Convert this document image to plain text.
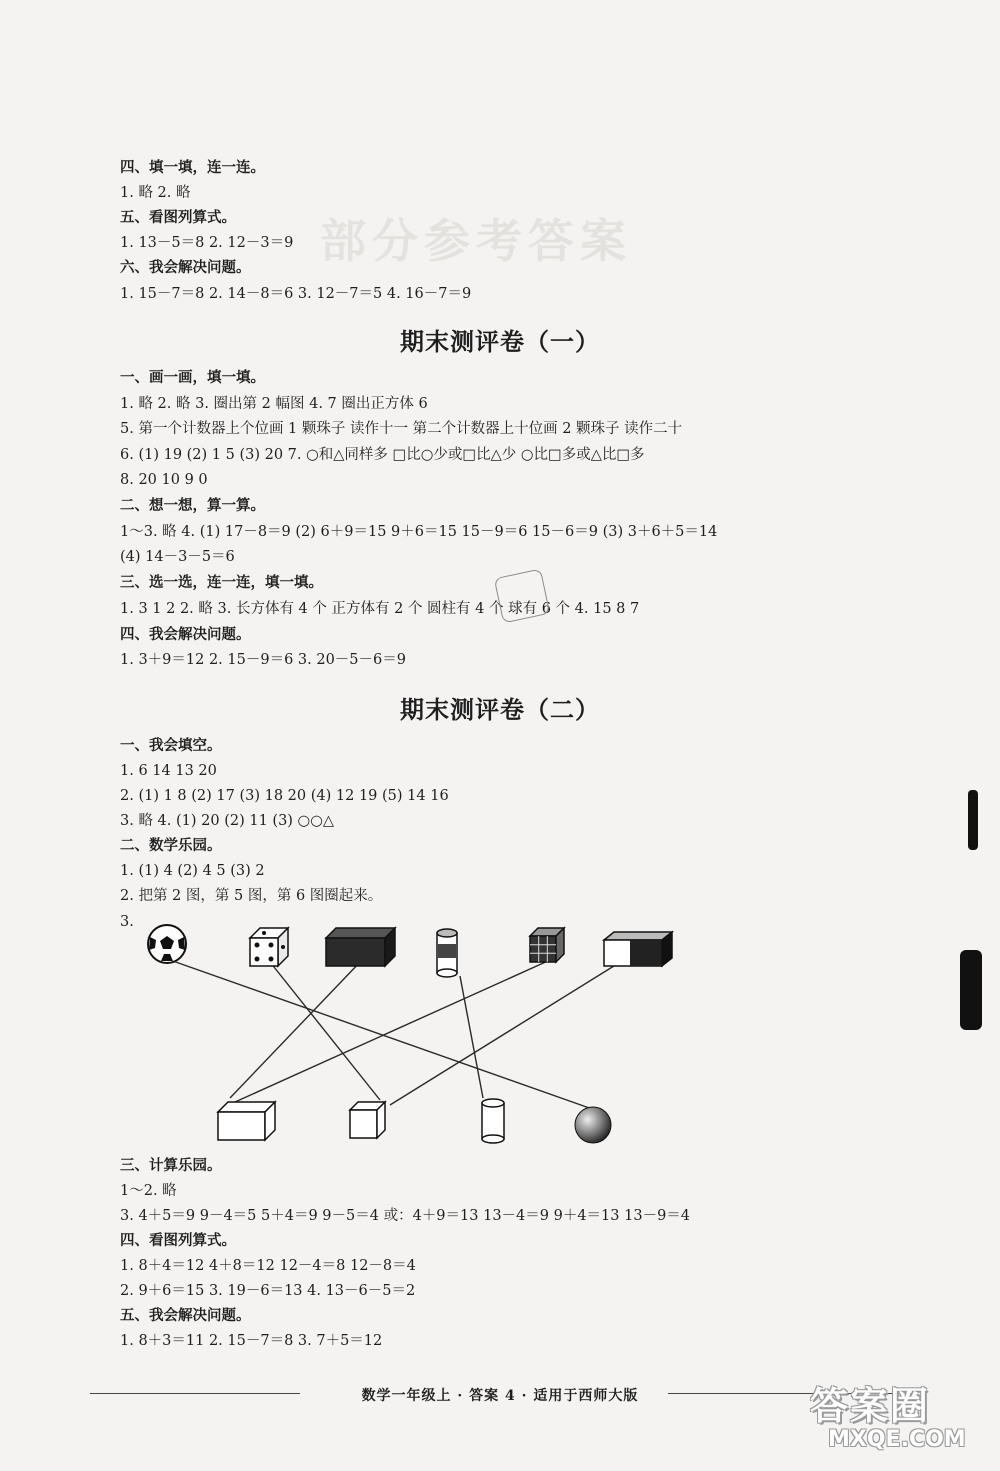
部分参考答案
四、填一填，连一连。
1. 略 2. 略
五、看图列算式。
1. 13－5＝8 2. 12－3＝9
六、我会解决问题。
1. 15－7＝8 2. 14－8＝6 3. 12－7＝5 4. 16－7＝9
期末测评卷（一）
一、画一画，填一填。
1. 略 2. 略 3. 圈出第 2 幅图 4. 7 圈出正方体 6
5. 第一个计数器上个位画 1 颗珠子 读作十一 第二个计数器上十位画 2 颗珠子 读作二十
6. (1) 19 (2) 1 5 (3) 20 7. ○和△同样多 □比○少或□比△少 ○比□多或△比□多
8. 20 10 9 0
二、想一想，算一算。
1～3. 略 4. (1) 17－8＝9 (2) 6＋9＝15 9＋6＝15 15－9＝6 15－6＝9 (3) 3＋6＋5＝14
(4) 14－3－5＝6
三、选一选，连一连，填一填。
1. 3 1 2 2. 略 3. 长方体有 4 个 正方体有 2 个 圆柱有 4 个 球有 6 个 4. 15 8 7
四、我会解决问题。
1. 3＋9＝12 2. 15－9＝6 3. 20－5－6＝9
期末测评卷（二）
一、我会填空。
1. 6 14 13 20
2. (1) 1 8 (2) 17 (3) 18 20 (4) 12 19 (5) 14 16
3. 略 4. (1) 20 (2) 11 (3) ○○△
二、数学乐园。
1. (1) 4 (2) 4 5 (3) 2
2. 把第 2 图，第 5 图，第 6 图圈起来。
3.
三、计算乐园。
1～2. 略
3. 4＋5＝9 9－4＝5 5＋4＝9 9－5＝4 或：4＋9＝13 13－4＝9 9＋4＝13 13－9＝4
四、看图列算式。
1. 8＋4＝12 4＋8＝12 12－4＝8 12－8＝4
2. 9＋6＝15 3. 19－6＝13 4. 13－6－5＝2
五、我会解决问题。
1. 8＋3＝11 2. 15－7＝8 3. 7＋5＝12
数学一年级上 · 答案 4 · 适用于西师大版	答案圈
MXQE.COM
